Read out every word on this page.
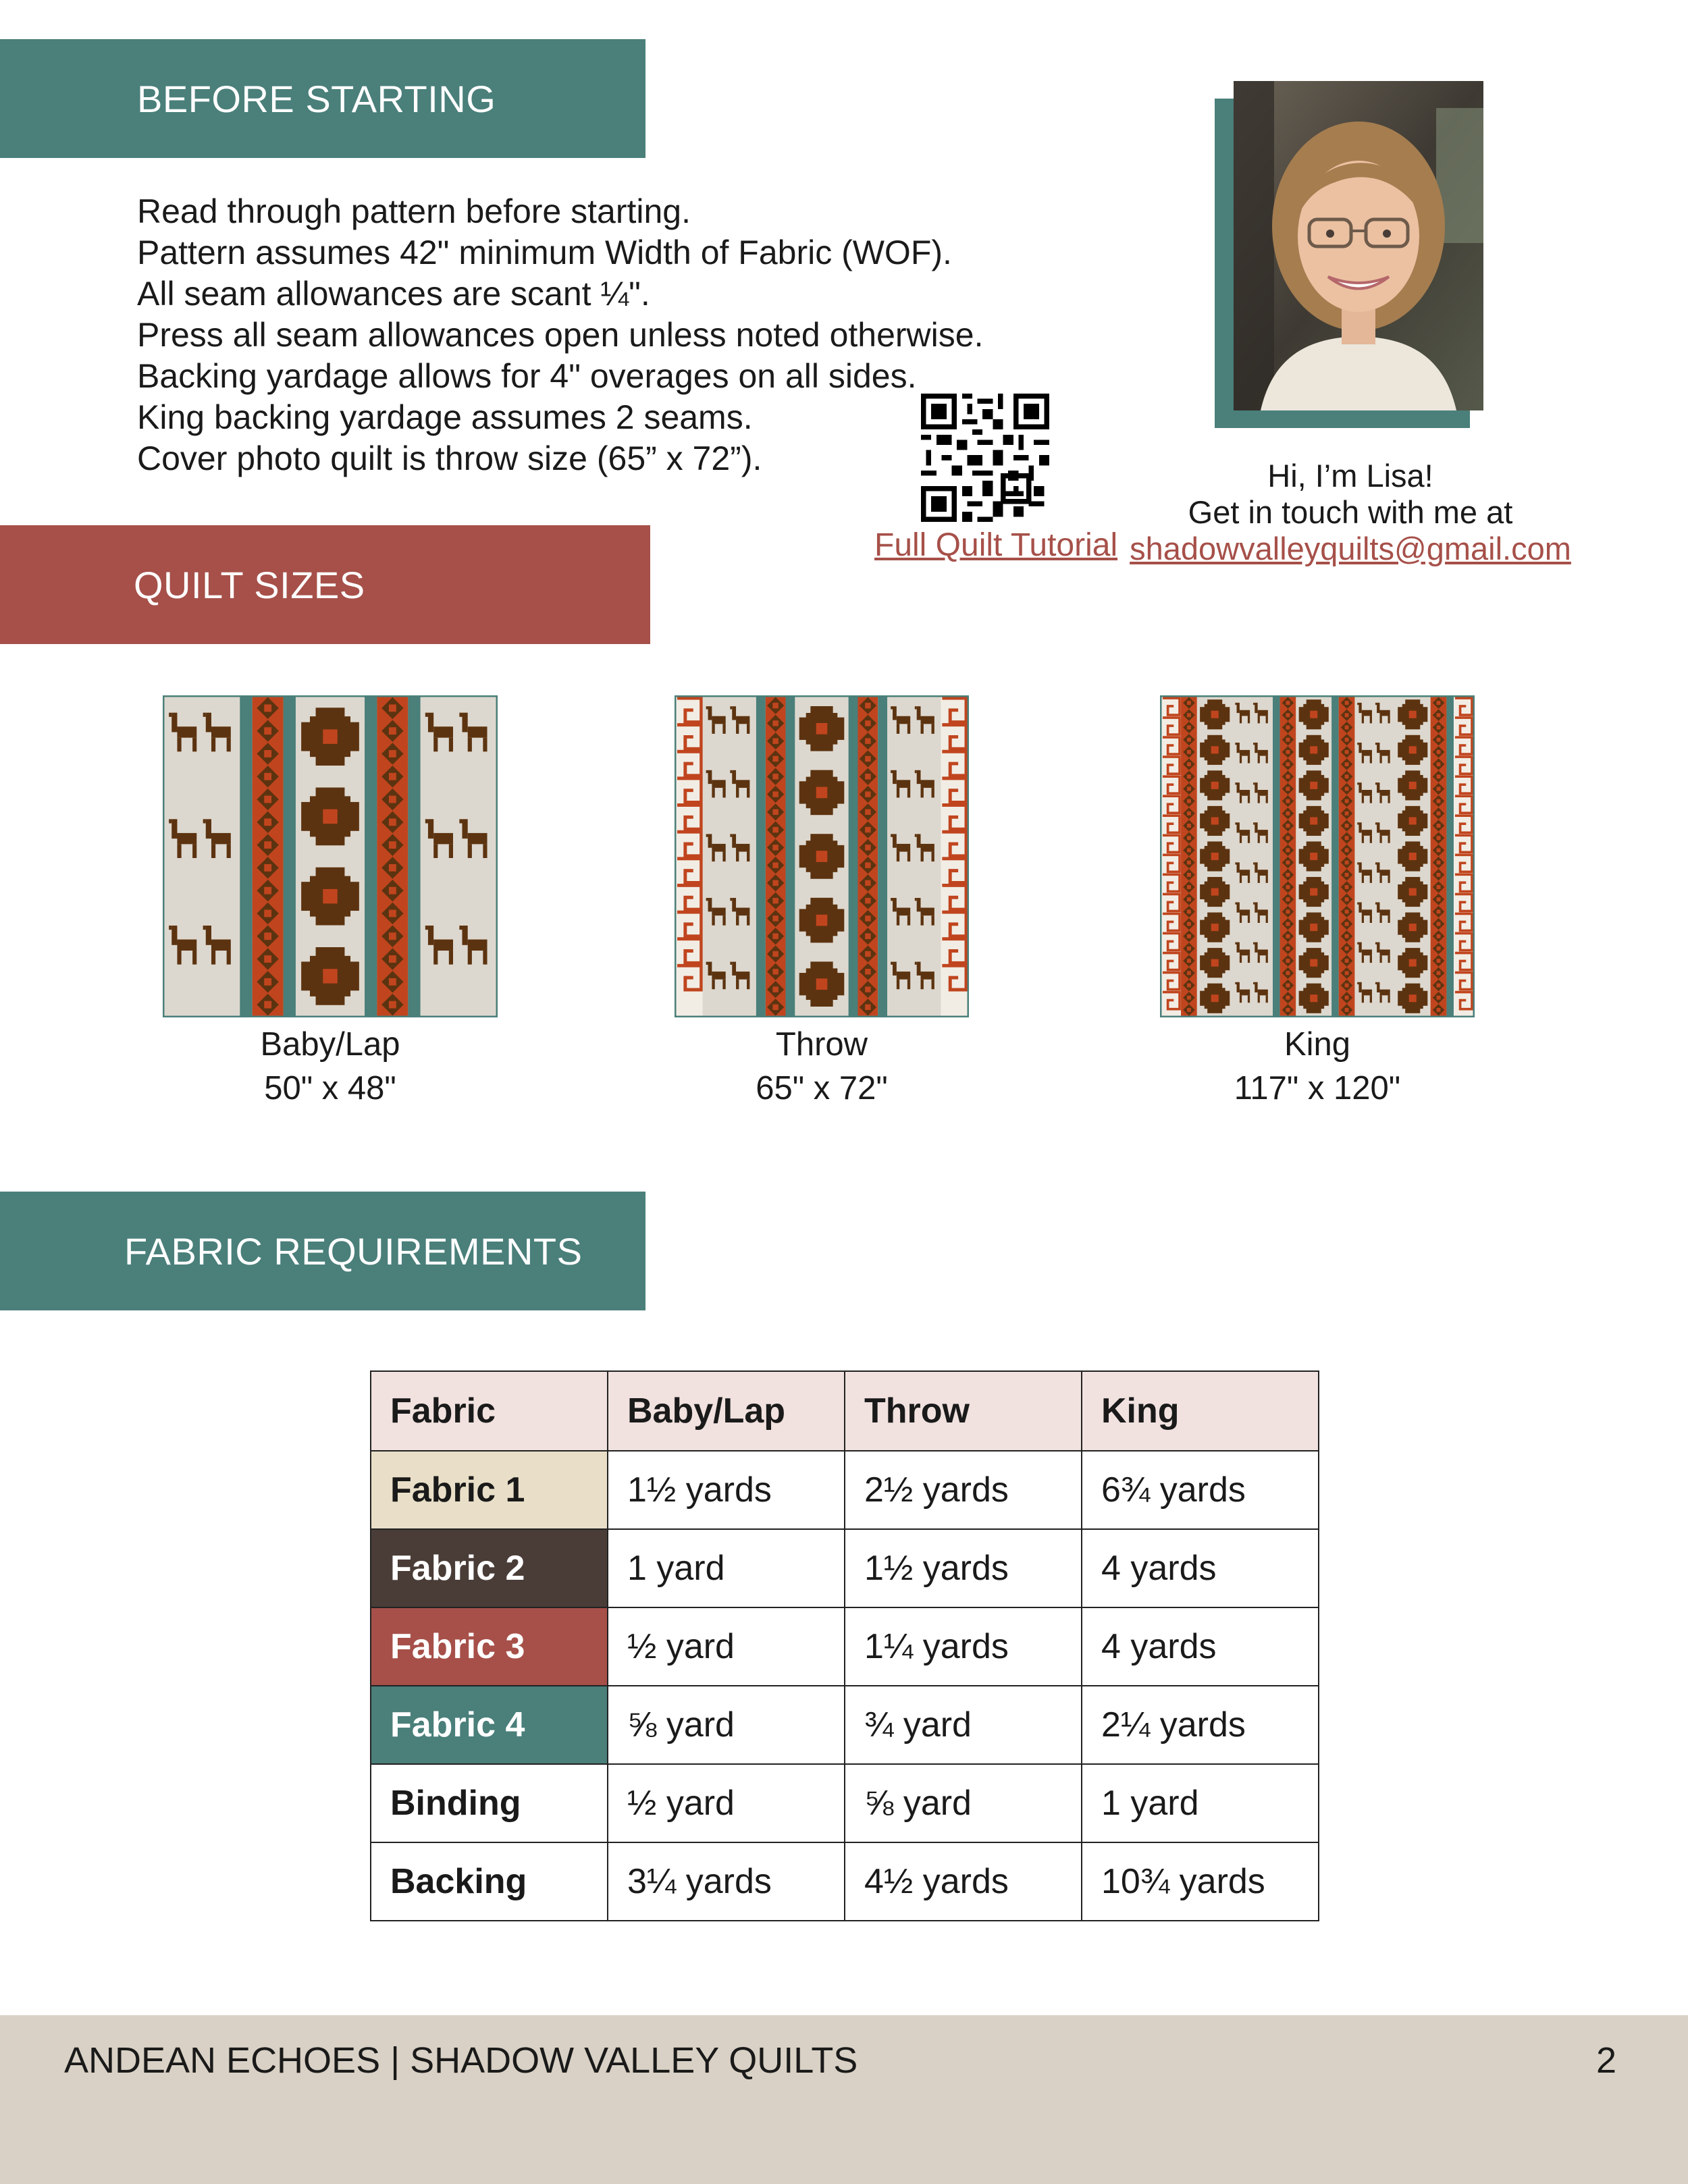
BEFORE STARTING
Read through pattern before starting.
Pattern assumes 42" minimum Width of Fabric (WOF).
All seam allowances are scant ¼".
Press all seam allowances open unless noted otherwise.
Backing yardage allows for 4" overages on all sides.
King backing yardage assumes 2 seams.
Cover photo quilt is throw size (65” x 72”).
Full Quilt Tutorial
Hi, I’m Lisa!
Get in touch with me at
shadowvalleyquilts@gmail.com
QUILT SIZES
Baby/Lap
50" x 48"
Throw
65" x 72"
King
117" x 120"
FABRIC REQUIREMENTS
Fabric	Baby/Lap	Throw	King
Fabric 1	1½ yards	2½ yards	6¾ yards
Fabric 2	1 yard	1½ yards	4 yards
Fabric 3	½ yard	1¼ yards	4 yards
Fabric 4	⅝ yard	¾ yard	2¼ yards
Binding	½ yard	⅝ yard	1 yard
Backing	3¼ yards	4½ yards	10¾ yards
ANDEAN ECHOES | SHADOW VALLEY QUILTS	2
